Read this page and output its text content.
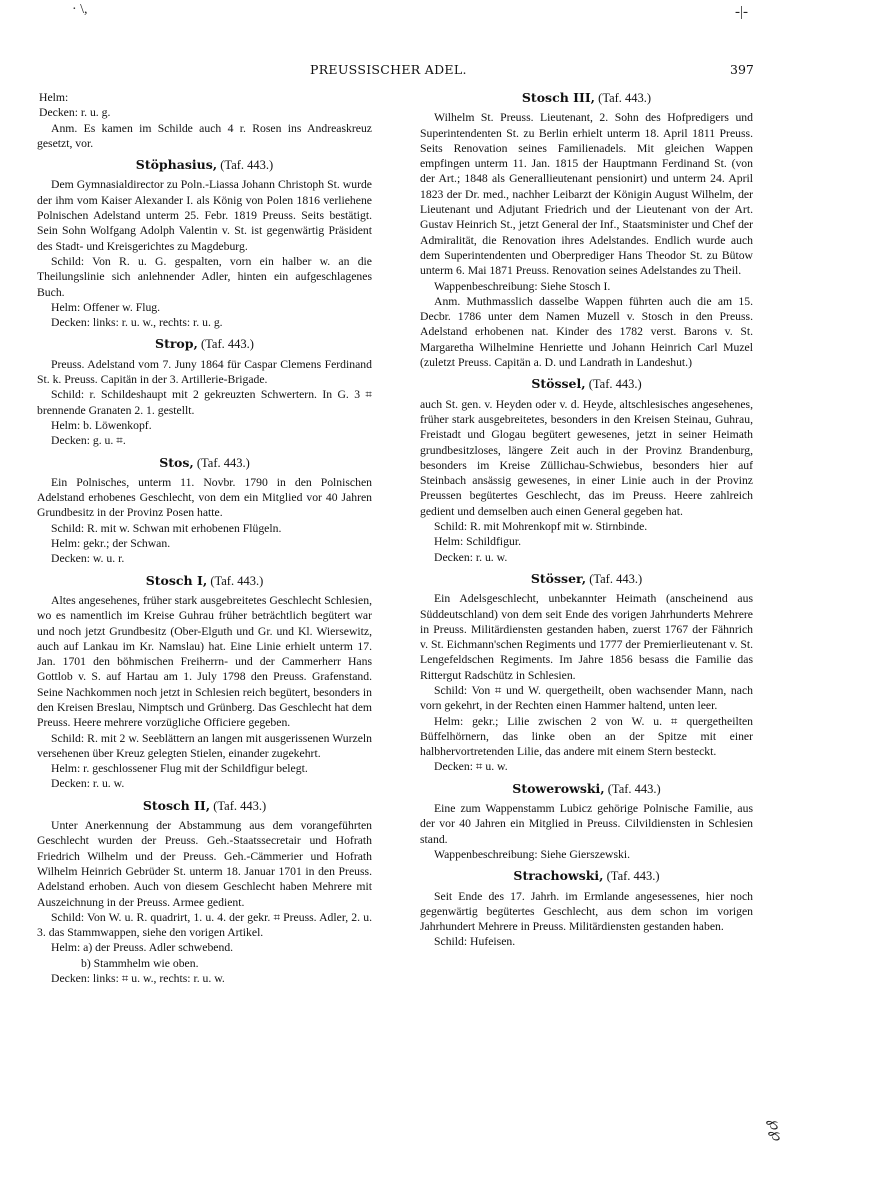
· \,	-|-
℘℘
PREUSSISCHER ADEL.	397

Helm:

Decken: r. u. g.

Anm. Es kamen im Schilde auch 4 r. Rosen ins Andreaskreuz gesetzt, vor.

Stöphasius, (Taf. 443.)

Dem Gymnasialdirector zu Poln.-Liassa Johann Christoph St. wurde der ihm vom Kaiser Alexander I. als König von Polen 1816 verliehene Polnischen Adelstand unterm 25. Febr. 1819 Preuss. Seits bestätigt. Sein Sohn Wolfgang Adolph Valentin v. St. ist gegenwärtig Präsident des Stadt- und Kreisgerichtes zu Magdeburg.

Schild: Von R. u. G. gespalten, vorn ein halber w. an die Theilungslinie sich anlehnender Adler, hinten ein aufgeschlagenes Buch.

Helm: Offener w. Flug.

Decken: links: r. u. w., rechts: r. u. g.

Strop, (Taf. 443.)

Preuss. Adelstand vom 7. Juny 1864 für Caspar Clemens Ferdinand St. k. Preuss. Capitän in der 3. Artillerie-Brigade.

Schild: r. Schildeshaupt mit 2 gekreuzten Schwertern. In G. 3 ⌗ brennende Granaten 2. 1. gestellt.

Helm: b. Löwenkopf.

Decken: g. u. ⌗.

Stos, (Taf. 443.)

Ein Polnisches, unterm 11. Novbr. 1790 in den Polnischen Adelstand erhobenes Geschlecht, von dem ein Mitglied vor 40 Jahren Grundbesitz in der Provinz Posen hatte.

Schild: R. mit w. Schwan mit erhobenen Flügeln.

Helm: gekr.; der Schwan.

Decken: w. u. r.

Stosch I, (Taf. 443.)

Altes angesehenes, früher stark ausgebreitetes Geschlecht Schlesien, wo es namentlich im Kreise Guhrau früher beträchtlich begütert war und noch jetzt Grundbesitz (Ober-Elguth und Gr. und Kl. Wiersewitz, auch auf Lankau im Kr. Namslau) hat. Eine Linie erhielt unterm 17. Jan. 1701 den böhmischen Freiherrn- und der Cammerherr Hans Gottlob v. S. auf Hartau am 1. July 1798 den Preuss. Grafenstand. Seine Nachkommen noch jetzt in Schlesien reich begütert, besonders in den Kreisen Breslau, Nimptsch und Grünberg. Das Geschlecht hat dem Preuss. Heere mehrere vorzügliche Officiere gegeben.

Schild: R. mit 2 w. Seeblättern an langen mit ausgerissenen Wurzeln versehenen über Kreuz gelegten Stielen, einander zugekehrt.

Helm: r. geschlossener Flug mit der Schildfigur belegt.

Decken: r. u. w.

Stosch II, (Taf. 443.)

Unter Anerkennung der Abstammung aus dem vorangeführten Geschlecht wurden der Preuss. Geh.-Staatssecretair und Hofrath Friedrich Wilhelm und der Preuss. Geh.-Cämmerier und Hofrath Wilhelm Heinrich Gebrüder St. unterm 18. Januar 1701 in den Preuss. Adelstand erhoben. Auch von diesem Geschlecht haben Mehrere mit Auszeichnung in der Preuss. Armee gedient.

Schild: Von W. u. R. quadrirt, 1. u. 4. der gekr. ⌗ Preuss. Adler, 2. u. 3. das Stammwappen, siehe den vorigen Artikel.

Helm: a) der Preuss. Adler schwebend.

b) Stammhelm wie oben.

Decken: links: ⌗ u. w., rechts: r. u. w.

Stosch III, (Taf. 443.)

Wilhelm St. Preuss. Lieutenant, 2. Sohn des Hofpredigers und Superintendenten St. zu Berlin erhielt unterm 18. April 1811 Preuss. Seits Renovation seines Familienadels. Mit gleichen Wappen empfingen unterm 11. Jan. 1815 der Hauptmann Ferdinand St. (von der Art.; 1848 als Generallieutenant pensionirt) und unterm 24. April 1823 der Dr. med., nachher Leibarzt der Königin August Wilhelm, der Lieutenant und Adjutant Friedrich und der Lieutenant von der Art. Gustav Heinrich St., jetzt General der Inf., Staatsminister und Chef der Admiralität, die Renovation ihres Adelstandes. Endlich wurde auch dem Superintendenten und Oberprediger Hans Theodor St. zu Bütow unterm 6. Mai 1871 Preuss. Renovation seines Adelstandes zu Theil.

Wappenbeschreibung: Siehe Stosch I.

Anm. Muthmasslich dasselbe Wappen führten auch die am 15. Decbr. 1786 unter dem Namen Muzell v. Stosch in den Preuss. Adelstand erhobenen nat. Kinder des 1782 verst. Barons v. St. Margaretha Wilhelmine Henriette und Johann Heinrich Carl Muzel (zuletzt Preuss. Capitän a. D. und Landrath in Landeshut.)

Stössel, (Taf. 443.)

auch St. gen. v. Heyden oder v. d. Heyde, altschlesisches angesehenes, früher stark ausgebreitetes, besonders in den Kreisen Steinau, Guhrau, Freistadt und Glogau begütert gewesenes, jetzt in seiner Heimath grundbesitzloses, längere Zeit auch in der Provinz Brandenburg, besonders im Kreise Züllichau-Schwiebus, besonders hier auf Steinbach ansässig gewesenes, in einer Linie auch in der Provinz Preussen begütertes Geschlecht, das im Preuss. Heere zahlreich gedient und demselben auch einen General gegeben hat.

Schild: R. mit Mohrenkopf mit w. Stirnbinde.

Helm: Schildfigur.

Decken: r. u. w.

Stösser, (Taf. 443.)

Ein Adelsgeschlecht, unbekannter Heimath (anscheinend aus Süddeutschland) von dem seit Ende des vorigen Jahrhunderts Mehrere in Preuss. Militärdiensten gestanden haben, zuerst 1767 der Fähnrich v. St. Eichmann'schen Regiments und 1777 der Premierlieutenant v. St. Lengefeldschen Regiments. Im Jahre 1856 besass die Familie das Rittergut Radschütz in Schlesien.

Schild: Von ⌗ und W. quergetheilt, oben wachsender Mann, nach vorn gekehrt, in der Rechten einen Hammer haltend, unten leer.

Helm: gekr.; Lilie zwischen 2 von W. u. ⌗ quergetheilten Büffelhörnern, das linke oben an der Spitze mit einer halbhervortretenden Lilie, das andere mit einem Stern besteckt.

Decken: ⌗ u. w.

Stowerowski, (Taf. 443.)

Eine zum Wappenstamm Lubicz gehörige Polnische Familie, aus der vor 40 Jahren ein Mitglied in Preuss. Cilvildiensten in Schlesien stand.

Wappenbeschreibung: Siehe Gierszewski.

Strachowski, (Taf. 443.)

Seit Ende des 17. Jahrh. im Ermlande angesessenes, hier noch gegenwärtig begütertes Geschlecht, aus dem schon im vorigen Jahrhundert Mehrere in Preuss. Militärdiensten gestanden haben.

Schild: Hufeisen.
